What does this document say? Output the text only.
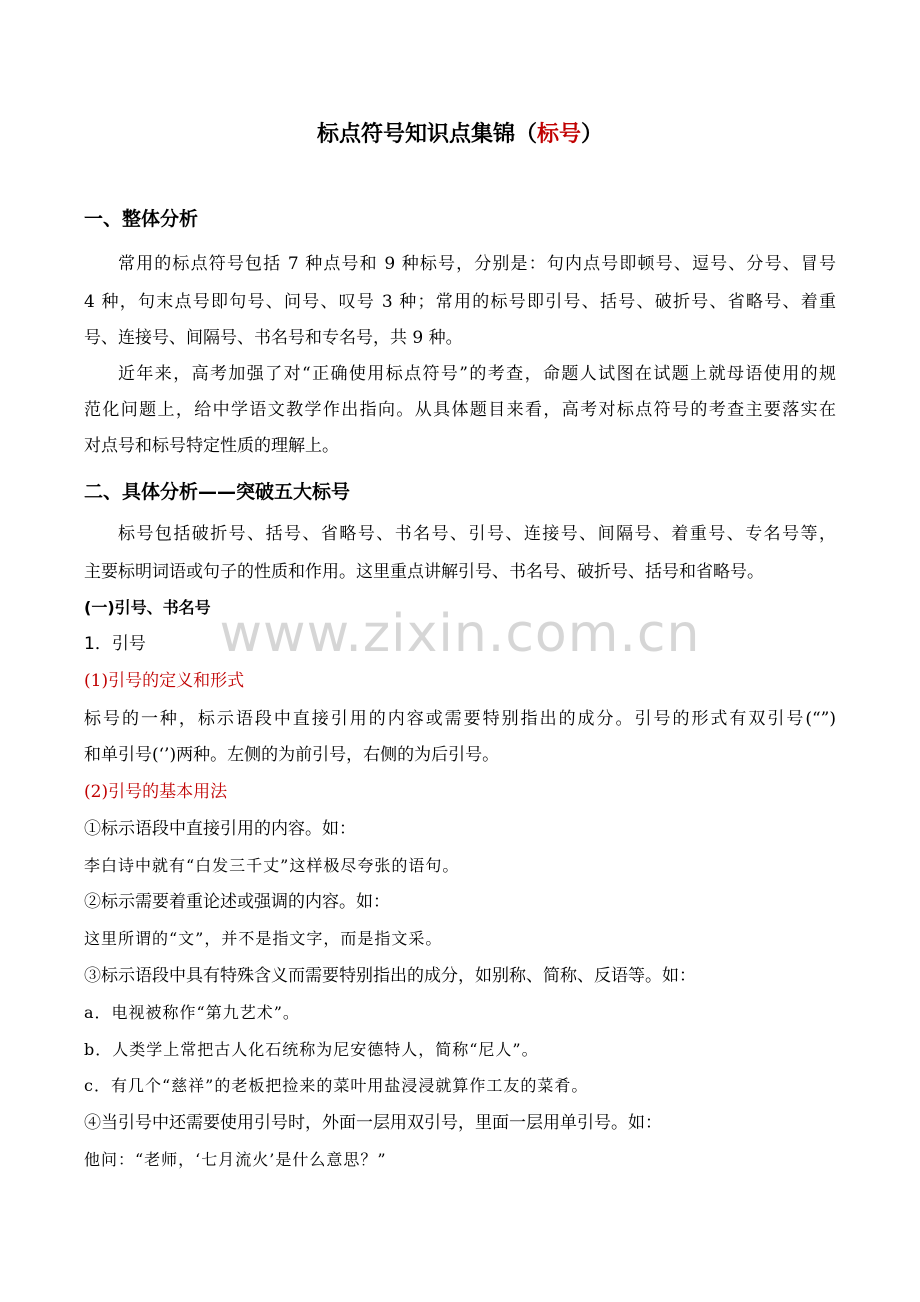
标点符号知识点集锦（标号）
一、整体分析
常用的标点符号包括 7 种点号和 9 种标号，分别是：句内点号即顿号、逗号、分号、冒号
4 种，句末点号即句号、问号、叹号 3 种；常用的标号即引号、括号、破折号、省略号、着重
号、连接号、间隔号、书名号和专名号，共 9 种。
近年来，高考加强了对“正确使用标点符号”的考查，命题人试图在试题上就母语使用的规
范化问题上，给中学语文教学作出指向。从具体题目来看，高考对标点符号的考查主要落实在
对点号和标号特定性质的理解上。
二、具体分析——突破五大标号
标号包括破折号、括号、省略号、书名号、引号、连接号、间隔号、着重号、专名号等，
主要标明词语或句子的性质和作用。这里重点讲解引号、书名号、破折号、括号和省略号。
(一)引号、书名号
1．引号
(1)引号的定义和形式
标号的一种，标示语段中直接引用的内容或需要特别指出的成分。引号的形式有双引号(“”)
和单引号(‘’)两种。左侧的为前引号，右侧的为后引号。
(2)引号的基本用法
①标示语段中直接引用的内容。如：
李白诗中就有“白发三千丈”这样极尽夸张的语句。
②标示需要着重论述或强调的内容。如：
这里所谓的“文”，并不是指文字，而是指文采。
③标示语段中具有特殊含义而需要特别指出的成分，如别称、简称、反语等。如：
a．电视被称作“第九艺术”。
b．人类学上常把古人化石统称为尼安德特人，简称“尼人”。
c．有几个“慈祥”的老板把捡来的菜叶用盐浸浸就算作工友的菜肴。
④当引号中还需要使用引号时，外面一层用双引号，里面一层用单引号。如：
他问：“老师，‘七月流火’是什么意思？”
www.zixin.com.cn
